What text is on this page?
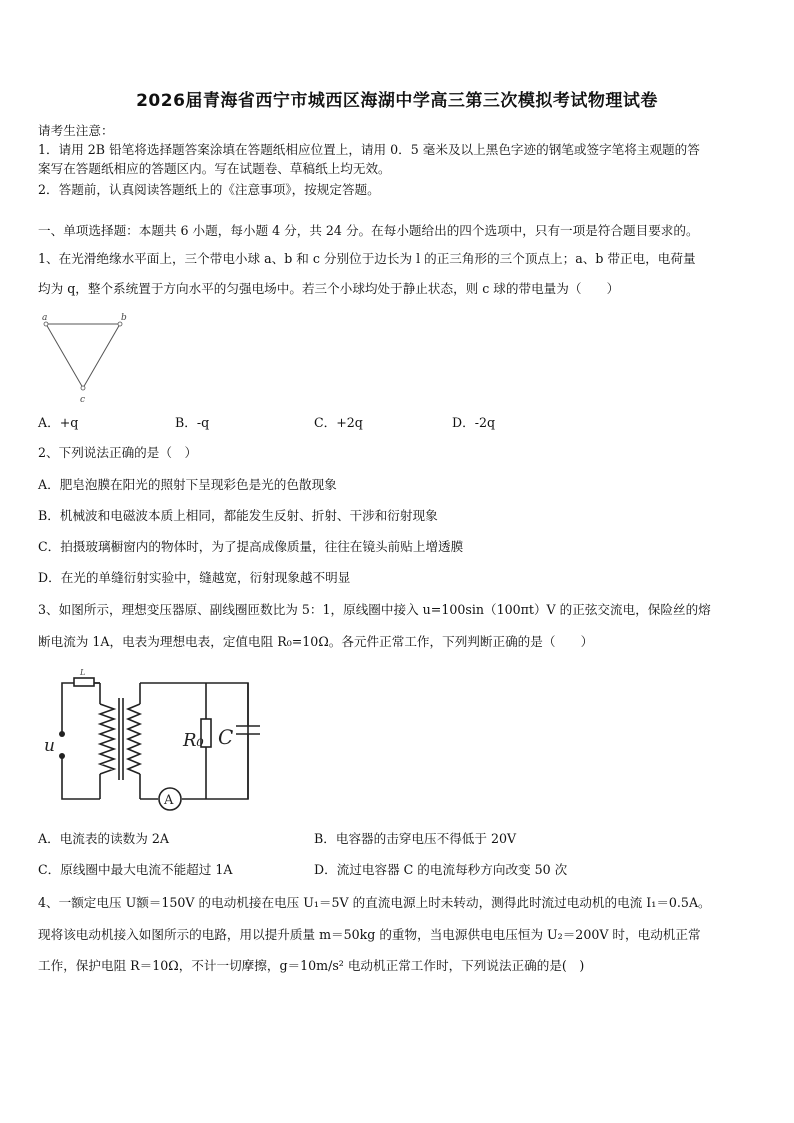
2026届青海省西宁市城西区海湖中学高三第三次模拟考试物理试卷
请考生注意：
1．请用 2B 铅笔将选择题答案涂填在答题纸相应位置上，请用 0．5 毫米及以上黑色字迹的钢笔或签字笔将主观题的答
案写在答题纸相应的答题区内。写在试题卷、草稿纸上均无效。
2．答题前，认真阅读答题纸上的《注意事项》，按规定答题。
一、单项选择题：本题共 6 小题，每小题 4 分，共 24 分。在每小题给出的四个选项中，只有一项是符合题目要求的。
1、在光滑绝缘水平面上，三个带电小球 a、b 和 c 分别位于边长为 l 的正三角形的三个顶点上；a、b 带正电，电荷量
均为 q，整个系统置于方向水平的匀强电场中。若三个小球均处于静止状态，则 c 球的带电量为（　　）
a	b
c
A．+q	B．-q	C．+2q	D．-2q
2、下列说法正确的是（　）
A．肥皂泡膜在阳光的照射下呈现彩色是光的色散现象
B．机械波和电磁波本质上相同，都能发生反射、折射、干涉和衍射现象
C．拍摄玻璃橱窗内的物体时，为了提高成像质量，往往在镜头前贴上增透膜
D．在光的单缝衍射实验中，缝越宽，衍射现象越不明显
3、如图所示，理想变压器原、副线圈匝数比为 5：1，原线圈中接入 u=100sin（100πt）V 的正弦交流电，保险丝的熔
断电流为 1A，电表为理想电表，定值电阻 R₀=10Ω。各元件正常工作，下列判断正确的是（　　）
L
u	R₀ C
A
A．电流表的读数为 2A	B．电容器的击穿电压不得低于 20V
C．原线圈中最大电流不能超过 1A	D．流过电容器 C 的电流每秒方向改变 50 次
4、一额定电压 U额＝150V 的电动机接在电压 U₁＝5V 的直流电源上时未转动，测得此时流过电动机的电流 I₁＝0.5A。
现将该电动机接入如图所示的电路，用以提升质量 m＝50kg 的重物，当电源供电电压恒为 U₂＝200V 时，电动机正常
工作，保护电阻 R＝10Ω，不计一切摩擦，g＝10m/s² 电动机正常工作时，下列说法正确的是(　)
